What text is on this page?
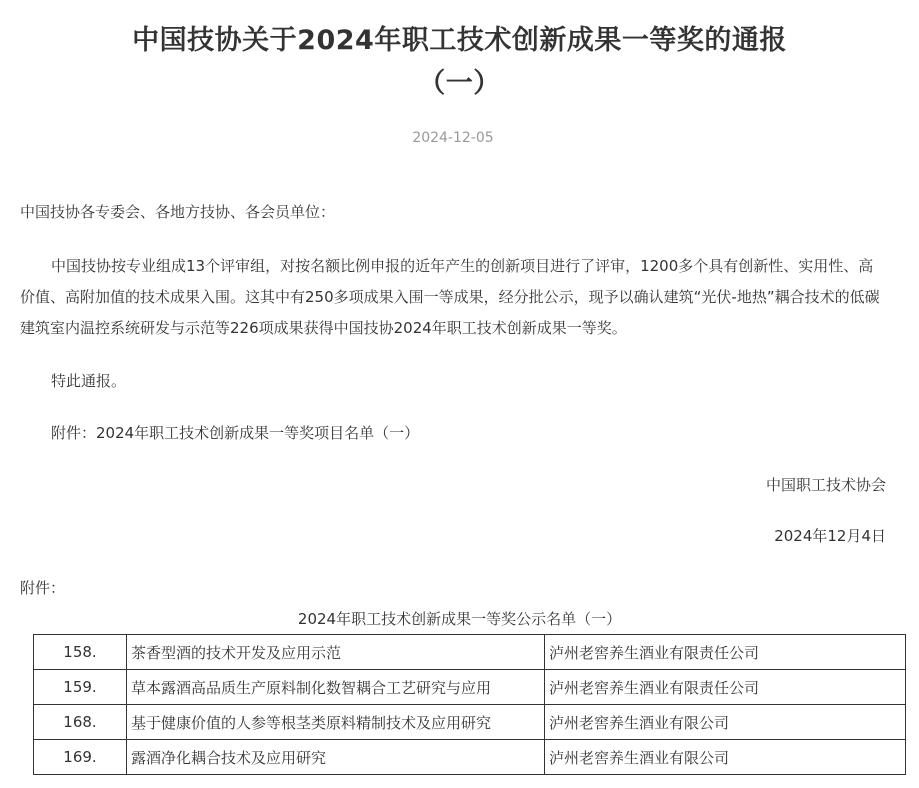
中国技协关于2024年职工技术创新成果一等奖的通报
（一）
2024-12-05
中国技协各专委会、各地方技协、各会员单位：
中国技协按专业组成13个评审组，对按名额比例申报的近年产生的创新项目进行了评审，1200多个具有创新性、实用性、高价值、高附加值的技术成果入围。这其中有250多项成果入围一等成果，经分批公示，现予以确认建筑“光伏-地热”耦合技术的低碳建筑室内温控系统研发与示范等226项成果获得中国技协2024年职工技术创新成果一等奖。
特此通报。
附件：2024年职工技术创新成果一等奖项目名单（一）
中国职工技术协会
2024年12月4日
附件：
2024年职工技术创新成果一等奖公示名单（一）
158.	茶香型酒的技术开发及应用示范	泸州老窖养生酒业有限责任公司
159.	草本露酒高品质生产原料制化数智耦合工艺研究与应用	泸州老窖养生酒业有限责任公司
168.	基于健康价值的人参等根茎类原料精制技术及应用研究	泸州老窖养生酒业有限公司
169.	露酒净化耦合技术及应用研究	泸州老窖养生酒业有限公司
